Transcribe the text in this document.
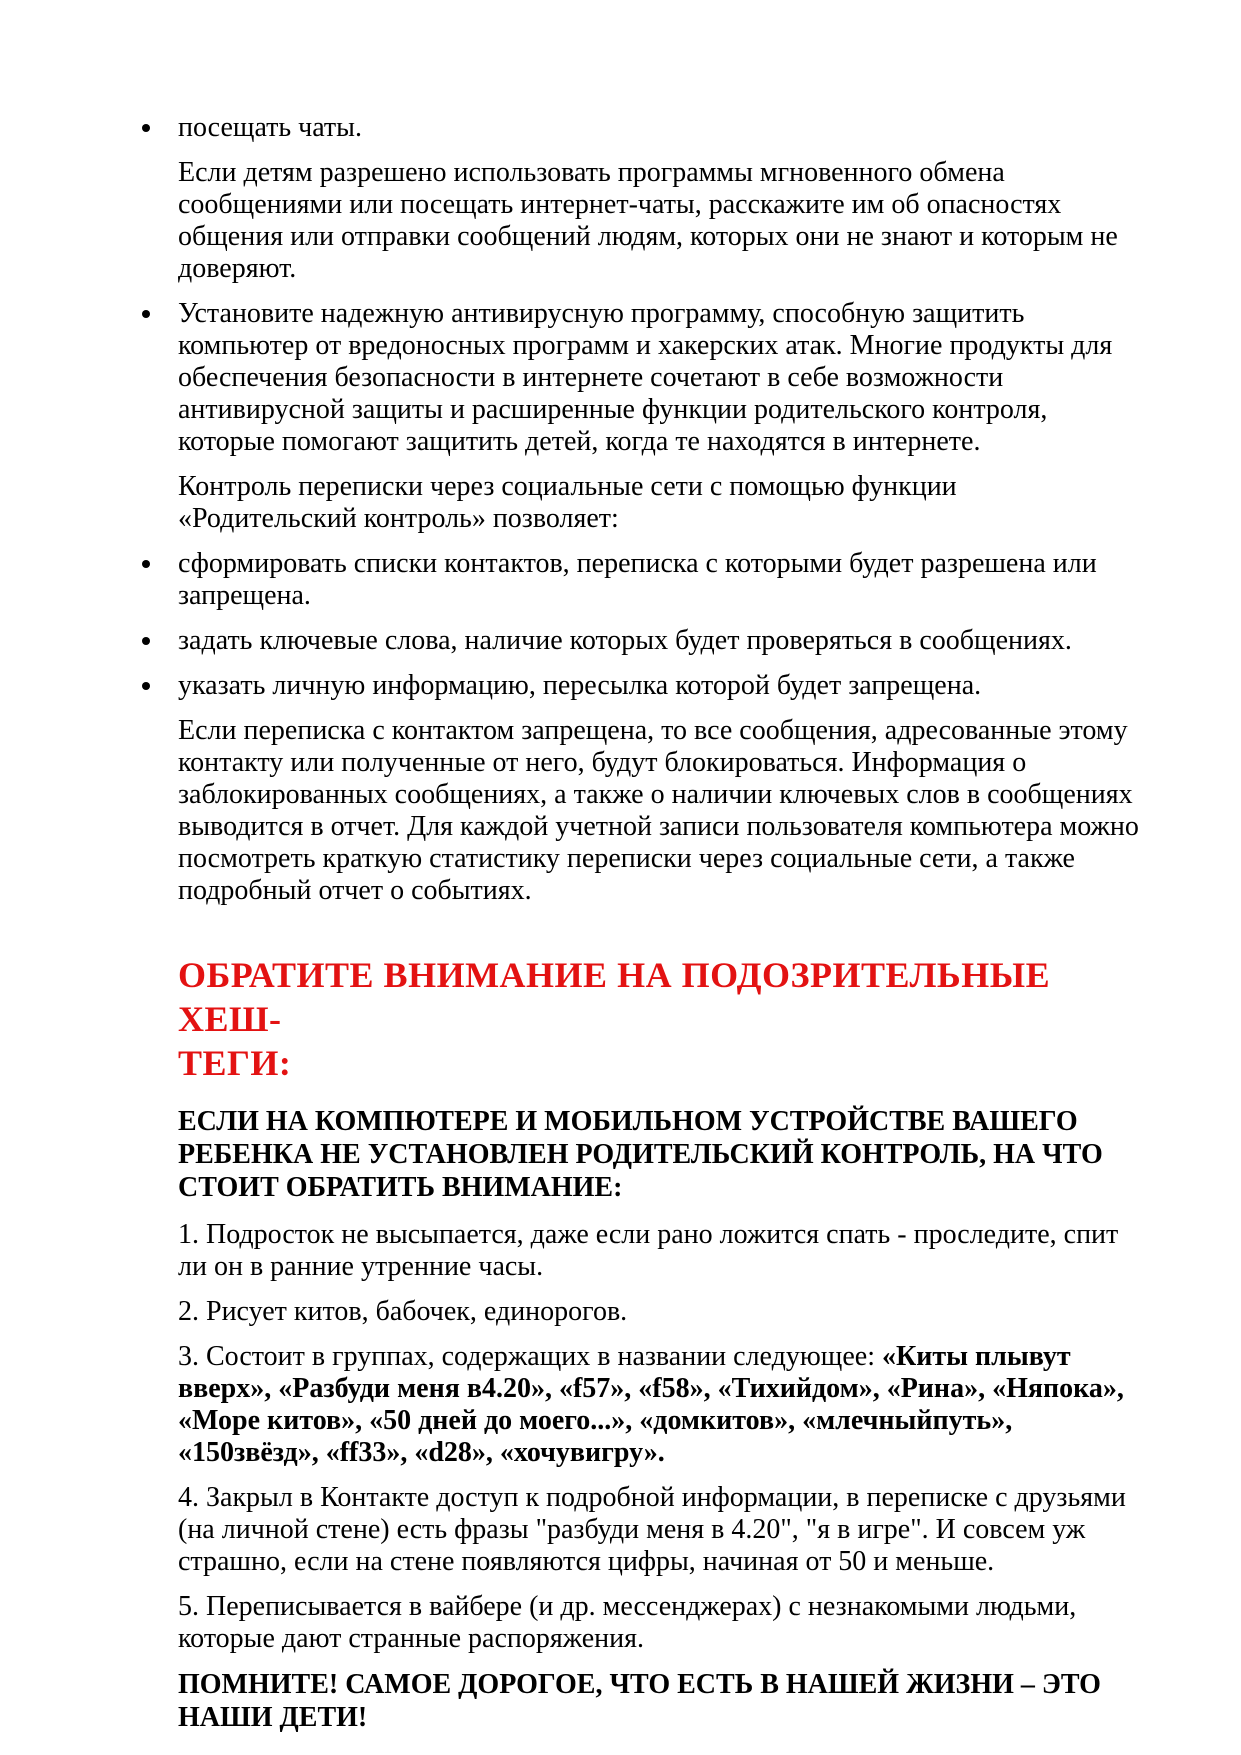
посещать чаты.

Если детям разрешено использовать программы мгновенного обмена сообщениями или посещать интернет-чаты, расскажите им об опасностях общения или отправки сообщений людям, которых они не знают и которым не доверяют.

Установите надежную антивирусную программу, способную защитить компьютер от вредоносных программ и хакерских атак. Многие продукты для обеспечения безопасности в интернете сочетают в себе возможности антивирусной защиты и расширенные функции родительского контроля, которые помогают защитить детей, когда те находятся в интернете.

Контроль переписки через социальные сети с помощью функции «Родительский контроль» позволяет:

сформировать списки контактов, переписка с которыми будет разрешена или запрещена.
задать ключевые слова, наличие которых будет проверяться в сообщениях.
указать личную информацию, пересылка которой будет запрещена.

Если переписка с контактом запрещена, то все сообщения, адресованные этому контакту или полученные от него, будут блокироваться. Информация о заблокированных сообщениях, а также о наличии ключевых слов в сообщениях выводится в отчет. Для каждой учетной записи пользователя компьютера можно посмотреть краткую статистику переписки через социальные сети, а также подробный отчет о событиях.

ОБРАТИТЕ ВНИМАНИЕ НА ПОДОЗРИТЕЛЬНЫЕ ХЕШ-
ТЕГИ:

ЕСЛИ НА КОМПЮТЕРЕ И МОБИЛЬНОМ УСТРОЙСТВЕ ВАШЕГО РЕБЕНКА НЕ УСТАНОВЛЕН РОДИТЕЛЬСКИЙ КОНТРОЛЬ, НА ЧТО СТОИТ ОБРАТИТЬ ВНИМАНИЕ:

1. Подросток не высыпается, даже если рано ложится спать - проследите, спит ли он в ранние утренние часы.

2. Рисует китов, бабочек, единорогов.

3. Состоит в группах, содержащих в названии следующее: «Киты плывут вверх», «Разбуди меня в4.20», «f57», «f58», «Тихийдом», «Рина», «Няпока», «Море китов», «50 дней до моего...», «домкитов», «млечныйпуть», «150звёзд», «ff33», «d28», «хочувигру».

4. Закрыл в Контакте доступ к подробной информации, в переписке с друзьями (на личной стене) есть фразы "разбуди меня в 4.20", "я в игре". И совсем уж страшно, если на стене появляются цифры, начиная от 50 и меньше.

5. Переписывается в вайбере (и др. мессенджерах) с незнакомыми людьми, которые дают странные распоряжения.

ПОМНИТЕ! САМОЕ ДОРОГОЕ, ЧТО ЕСТЬ В НАШЕЙ ЖИЗНИ – ЭТО НАШИ ДЕТИ!
